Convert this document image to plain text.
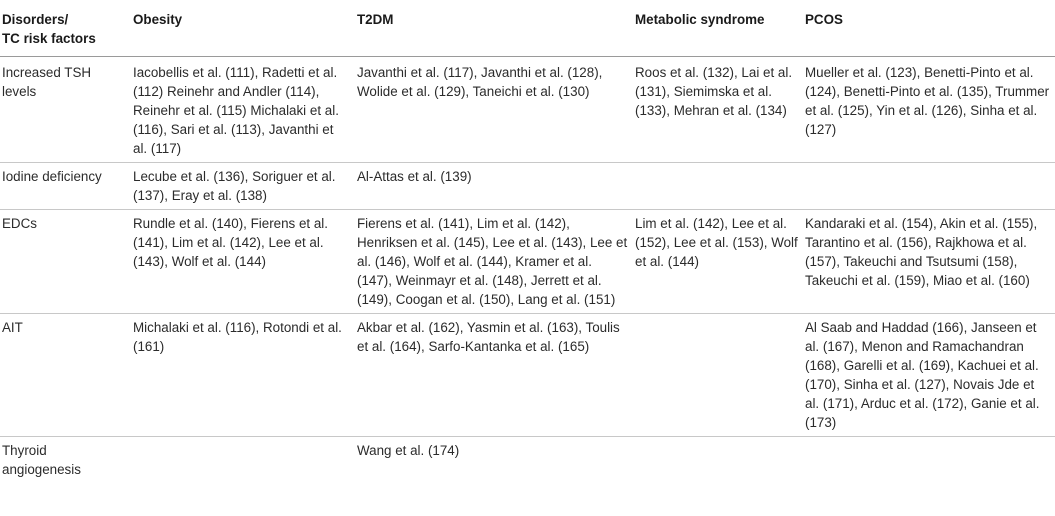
Disorders/
TC risk factors	Obesity	T2DM	Metabolic syndrome	PCOS
Increased TSH levels	Iacobellis et al. (111), Radetti et al. (112) Reinehr and Andler (114), Reinehr et al. (115) Michalaki et al. (116), Sari et al. (113), Javanthi et al. (117)	Javanthi et al. (117), Javanthi et al. (128), Wolide et al. (129), Taneichi et al. (130)	Roos et al. (132), Lai et al. (131), Siemimska et al. (133), Mehran et al. (134)	Mueller et al. (123), Benetti-Pinto et al. (124), Benetti-Pinto et al. (135), Trummer et al. (125), Yin et al. (126), Sinha et al. (127)
Iodine deficiency	Lecube et al. (136), Soriguer et al. (137), Eray et al. (138)	Al-Attas et al. (139)		
EDCs	Rundle et al. (140), Fierens et al. (141), Lim et al. (142), Lee et al. (143), Wolf et al. (144)	Fierens et al. (141), Lim et al. (142), Henriksen et al. (145), Lee et al. (143), Lee et al. (146), Wolf et al. (144), Kramer et al. (147), Weinmayr et al. (148), Jerrett et al. (149), Coogan et al. (150), Lang et al. (151)	Lim et al. (142), Lee et al. (152), Lee et al. (153), Wolf et al. (144)	Kandaraki et al. (154), Akin et al. (155), Tarantino et al. (156), Rajkhowa et al. (157), Takeuchi and Tsutsumi (158), Takeuchi et al. (159), Miao et al. (160)
AIT	Michalaki et al. (116), Rotondi et al. (161)	Akbar et al. (162), Yasmin et al. (163), Toulis et al. (164), Sarfo-Kantanka et al. (165)		Al Saab and Haddad (166), Janseen et al. (167), Menon and Ramachandran (168), Garelli et al. (169), Kachuei et al. (170), Sinha et al. (127), Novais Jde et al. (171), Arduc et al. (172), Ganie et al. (173)
Thyroid angiogenesis		Wang et al. (174)		
